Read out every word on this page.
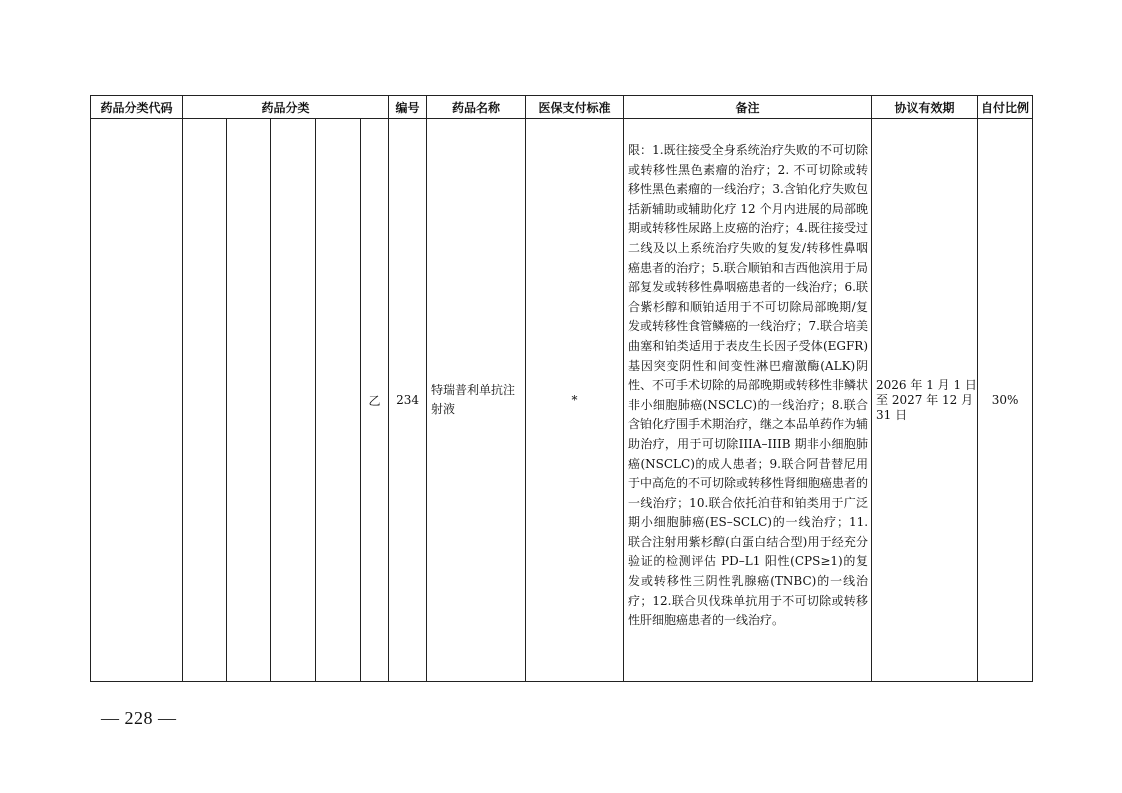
药品分类代码	药品分类					编号	药品名称	医保支付标准	备注	协议有效期	自付比例
					乙	234	特瑞普利单抗注射液	*	限：1.既往接受全身系统治疗失败的不可切除或转移性黑色素瘤的治疗；2. 不可切除或转移性黑色素瘤的一线治疗；3.含铂化疗失败包括新辅助或辅助化疗 12 个月内进展的局部晚期或转移性尿路上皮癌的治疗；4.既往接受过二线及以上系统治疗失败的复发/转移性鼻咽癌患者的治疗；5.联合顺铂和吉西他滨用于局部复发或转移性鼻咽癌患者的一线治疗；6.联合紫杉醇和顺铂适用于不可切除局部晚期/复发或转移性食管鳞癌的一线治疗；7.联合培美曲塞和铂类适用于表皮生长因子受体(EGFR)基因突变阴性和间变性淋巴瘤激酶(ALK)阴性、不可手术切除的局部晚期或转移性非鳞状非小细胞肺癌(NSCLC)的一线治疗；8.联合含铂化疗围手术期治疗，继之本品单药作为辅助治疗，用于可切除IIIA–IIIB 期非小细胞肺癌(NSCLC)的成人患者；9.联合阿昔替尼用于中高危的不可切除或转移性肾细胞癌患者的一线治疗；10.联合依托泊苷和铂类用于广泛期小细胞肺癌(ES–SCLC)的一线治疗；11.联合注射用紫杉醇(白蛋白结合型)用于经充分验证的检测评估 PD–L1 阳性(CPS≥1)的复发或转移性三阴性乳腺癌(TNBC)的一线治疗；12.联合贝伐珠单抗用于不可切除或转移性肝细胞癌患者的一线治疗。	2026 年 1 月 1 日至 2027 年 12 月 31 日	30%
— 228 —
